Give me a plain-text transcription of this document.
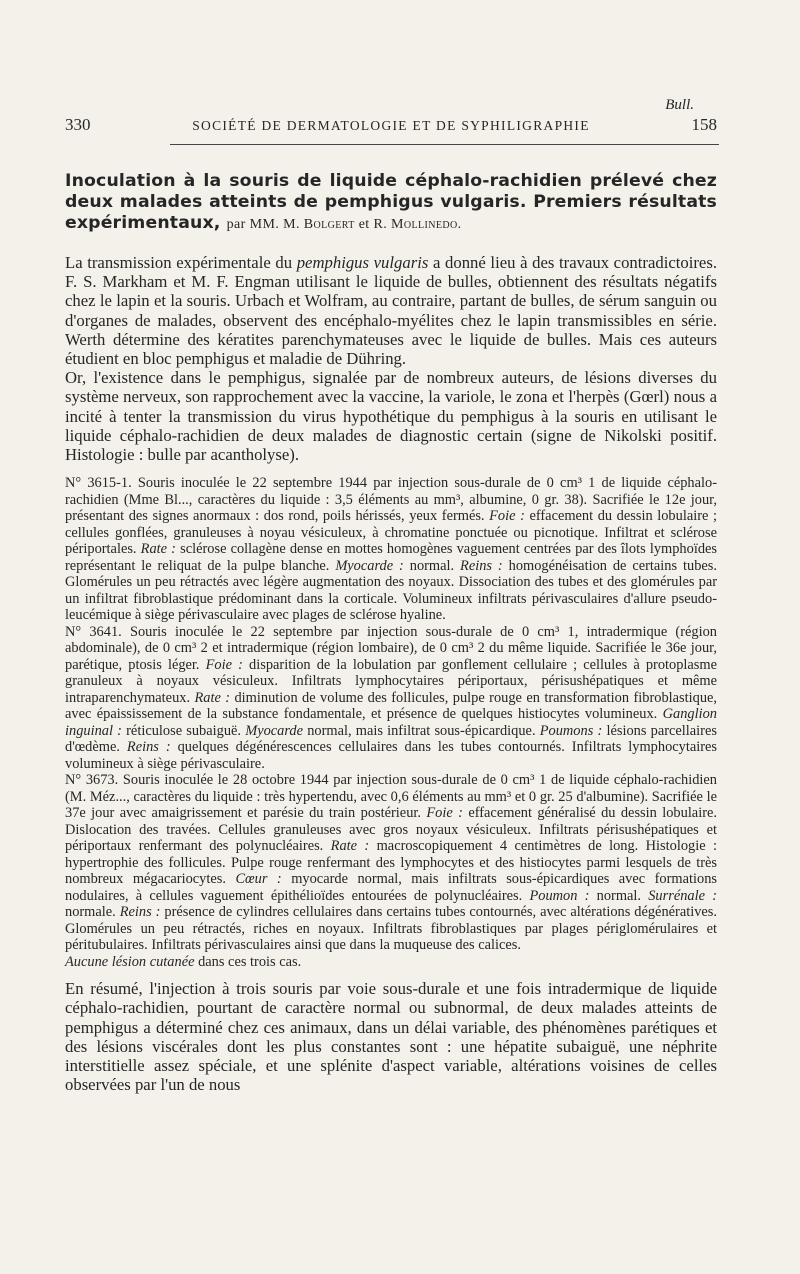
Bull.
330	SOCIÉTÉ DE DERMATOLOGIE ET DE SYPHILIGRAPHIE	158

Inoculation à la souris de liquide céphalo-rachidien prélevé chez deux malades atteints de pemphigus vulgaris. Premiers résultats expérimentaux, par MM. M. Bolgert et R. Mollinedo.

La transmission expérimentale du pemphigus vulgaris a donné lieu à des travaux contradictoires. F. S. Markham et M. F. Engman utilisant le liquide de bulles, obtiennent des résultats négatifs chez le lapin et la souris. Urbach et Wolfram, au contraire, partant de bulles, de sérum sanguin ou d'organes de malades, observent des encéphalo-myélites chez le lapin transmissibles en série. Werth détermine des kératites parenchymateuses avec le liquide de bulles. Mais ces auteurs étudient en bloc pemphigus et maladie de Dühring.

Or, l'existence dans le pemphigus, signalée par de nombreux auteurs, de lésions diverses du système nerveux, son rapprochement avec la vaccine, la variole, le zona et l'herpès (Gœrl) nous a incité à tenter la transmission du virus hypothétique du pemphigus à la souris en utilisant le liquide céphalo-rachidien de deux malades de diagnostic certain (signe de Nikolski positif. Histologie : bulle par acantholyse).

N° 3615-1. Souris inoculée le 22 septembre 1944 par injection sous-durale de 0 cm³ 1 de liquide céphalo-rachidien (Mme Bl..., caractères du liquide : 3,5 éléments au mm³, albumine, 0 gr. 38). Sacrifiée le 12e jour, présentant des signes anormaux : dos rond, poils hérissés, yeux fermés. Foie : effacement du dessin lobulaire ; cellules gonflées, granuleuses à noyau vésiculeux, à chromatine ponctuée ou picnotique. Infiltrat et sclérose périportales. Rate : sclérose collagène dense en mottes homogènes vaguement centrées par des îlots lymphoïdes représentant le reliquat de la pulpe blanche. Myocarde : normal. Reins : homogénéisation de certains tubes. Glomérules un peu rétractés avec légère augmentation des noyaux. Dissociation des tubes et des glomérules par un infiltrat fibroblastique prédominant dans la corticale. Volumineux infiltrats périvasculaires d'allure pseudo-leucémique à siège périvasculaire avec plages de sclérose hyaline.

N° 3641. Souris inoculée le 22 septembre par injection sous-durale de 0 cm³ 1, intradermique (région abdominale), de 0 cm³ 2 et intradermique (région lombaire), de 0 cm³ 2 du même liquide. Sacrifiée le 36e jour, parétique, ptosis léger. Foie : disparition de la lobulation par gonflement cellulaire ; cellules à protoplasme granuleux à noyaux vésiculeux. Infiltrats lymphocytaires périportaux, périsushépatiques et même intraparenchymateux. Rate : diminution de volume des follicules, pulpe rouge en transformation fibroblastique, avec épaississement de la substance fondamentale, et présence de quelques histiocytes volumineux. Ganglion inguinal : réticulose subaiguë. Myocarde normal, mais infiltrat sous-épicardique. Poumons : lésions parcellaires d'œdème. Reins : quelques dégénérescences cellulaires dans les tubes contournés. Infiltrats lymphocytaires volumineux à siège périvasculaire.

N° 3673. Souris inoculée le 28 octobre 1944 par injection sous-durale de 0 cm³ 1 de liquide céphalo-rachidien (M. Méz..., caractères du liquide : très hypertendu, avec 0,6 éléments au mm³ et 0 gr. 25 d'albumine). Sacrifiée le 37e jour avec amaigrissement et parésie du train postérieur. Foie : effacement généralisé du dessin lobulaire. Dislocation des travées. Cellules granuleuses avec gros noyaux vésiculeux. Infiltrats périsushépatiques et périportaux renfermant des polynucléaires. Rate : macroscopiquement 4 centimètres de long. Histologie : hypertrophie des follicules. Pulpe rouge renfermant des lymphocytes et des histiocytes parmi lesquels de très nombreux mégacariocytes. Cœur : myocarde normal, mais infiltrats sous-épicardiques avec formations nodulaires, à cellules vaguement épithélioïdes entourées de polynucléaires. Poumon : normal. Surrénale : normale. Reins : présence de cylindres cellulaires dans certains tubes contournés, avec altérations dégénératives. Glomérules un peu rétractés, riches en noyaux. Infiltrats fibroblastiques par plages périglomérulaires et péritubulaires. Infiltrats périvasculaires ainsi que dans la muqueuse des calices.

Aucune lésion cutanée dans ces trois cas.

En résumé, l'injection à trois souris par voie sous-durale et une fois intradermique de liquide céphalo-rachidien, pourtant de caractère normal ou subnormal, de deux malades atteints de pemphigus a déterminé chez ces animaux, dans un délai variable, des phénomènes parétiques et des lésions viscérales dont les plus constantes sont : une hépatite subaiguë, une néphrite interstitielle assez spéciale, et une splénite d'aspect variable, altérations voisines de celles observées par l'un de nous
